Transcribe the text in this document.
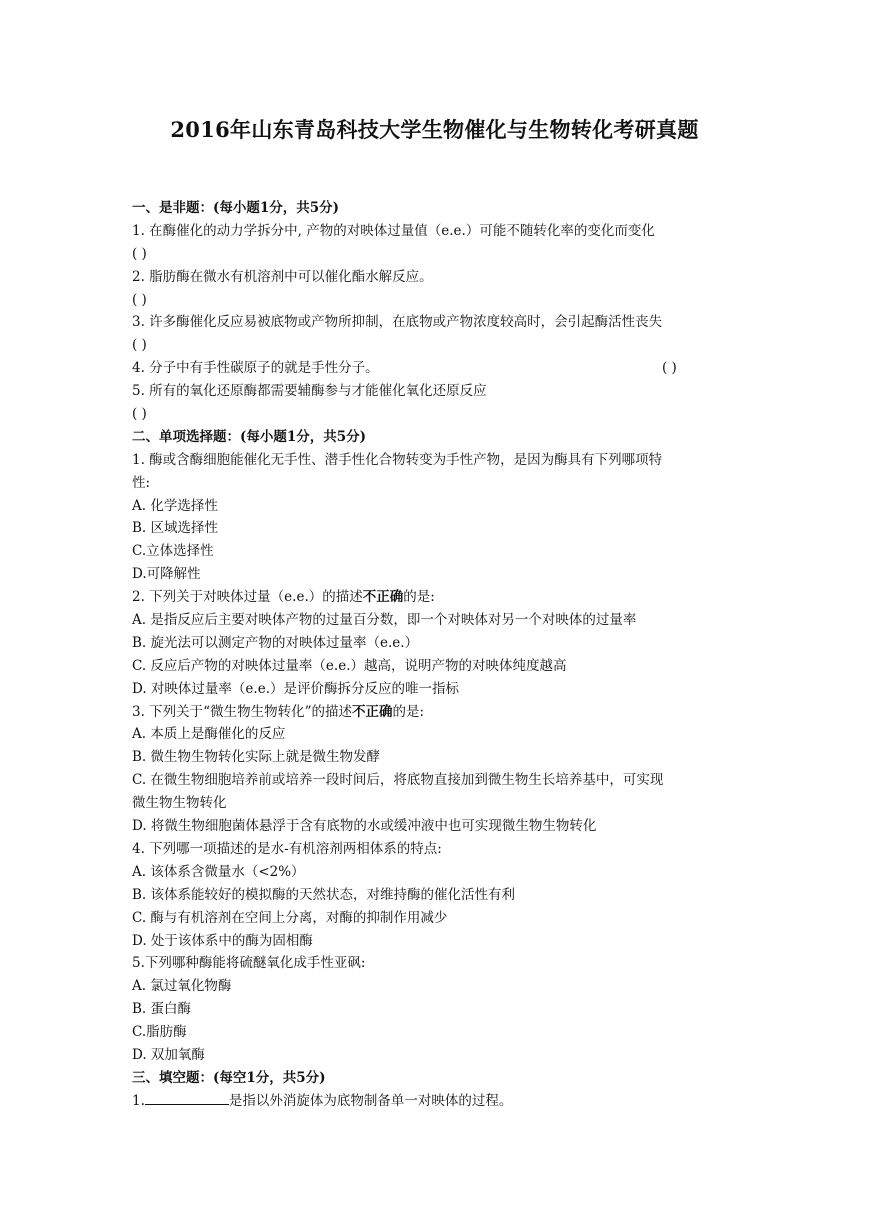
2016年山东青岛科技大学生物催化与生物转化考研真题
一、是非题：(每小题1分，共5分)
1. 在酶催化的动力学拆分中, 产物的对映体过量值（e.e.）可能不随转化率的变化而变化
( )
2. 脂肪酶在微水有机溶剂中可以催化酯水解反应。
( )
3. 许多酶催化反应易被底物或产物所抑制，在底物或产物浓度较高时，会引起酶活性丧失
( )
4. 分子中有手性碳原子的就是手性分子。	( )
5. 所有的氧化还原酶都需要辅酶参与才能催化氧化还原反应
( )
二、单项选择题：(每小题1分，共5分)
1. 酶或含酶细胞能催化无手性、潜手性化合物转变为手性产物，是因为酶具有下列哪项特
性:
A. 化学选择性
B. 区域选择性
C.立体选择性
D.可降解性
2. 下列关于对映体过量（e.e.）的描述不正确的是:
A. 是指反应后主要对映体产物的过量百分数，即一个对映体对另一个对映体的过量率
B. 旋光法可以测定产物的对映体过量率（e.e.）
C. 反应后产物的对映体过量率（e.e.）越高，说明产物的对映体纯度越高
D. 对映体过量率（e.e.）是评价酶拆分反应的唯一指标
3. 下列关于“微生物生物转化”的描述不正确的是:
A. 本质上是酶催化的反应
B. 微生物生物转化实际上就是微生物发酵
C. 在微生物细胞培养前或培养一段时间后，将底物直接加到微生物生长培养基中，可实现
微生物生物转化
D. 将微生物细胞菌体悬浮于含有底物的水或缓冲液中也可实现微生物生物转化
4. 下列哪一项描述的是水-有机溶剂两相体系的特点:
A. 该体系含微量水（<2%）
B. 该体系能较好的模拟酶的天然状态，对维持酶的催化活性有利
C. 酶与有机溶剂在空间上分离，对酶的抑制作用减少
D. 处于该体系中的酶为固相酶
5.下列哪种酶能将硫醚氧化成手性亚砜:
A. 氯过氧化物酶
B. 蛋白酶
C.脂肪酶
D. 双加氧酶
三、填空题：(每空1分，共5分)
1.	是指以外消旋体为底物制备单一对映体的过程。
